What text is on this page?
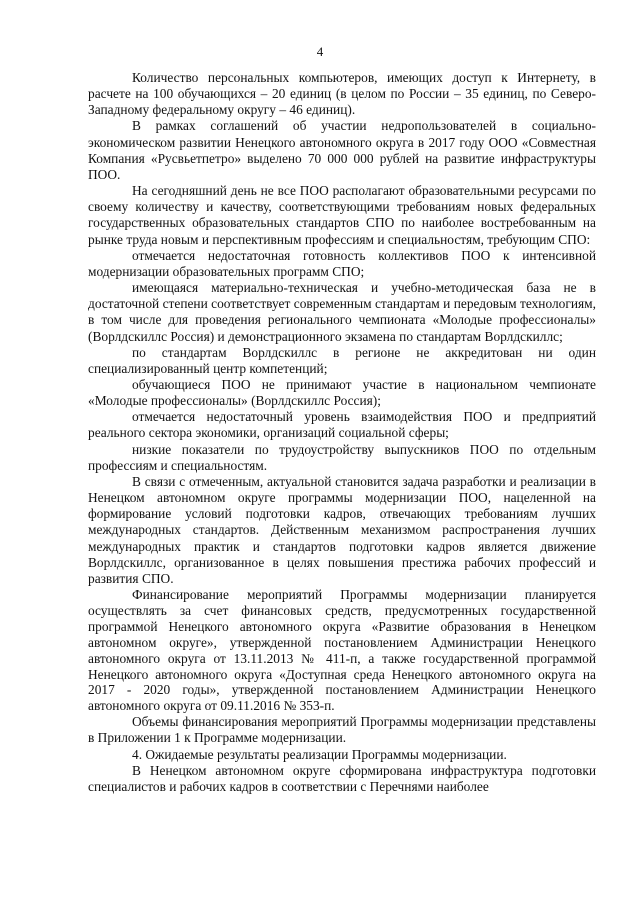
4

Количество персональных компьютеров, имеющих доступ к Интернету, в расчете на 100 обучающихся – 20 единиц (в целом по России – 35 единиц, по Северо-Западному федеральному округу – 46 единиц).

В рамках соглашений об участии недропользователей в социально-экономическом развитии Ненецкого автономного округа в 2017 году ООО «Совместная Компания «Русвьетпетро» выделено 70 000 000 рублей на развитие инфраструктуры ПОО.

На сегодняшний день не все ПОО располагают образовательными ресурсами по своему количеству и качеству, соответствующими требованиям новых федеральных государственных образовательных стандартов СПО по наиболее востребованным на рынке труда новым и перспективным профессиям и специальностям, требующим СПО:

отмечается недостаточная готовность коллективов ПОО к интенсивной модернизации образовательных программ СПО;

имеющаяся материально-техническая и учебно-методическая база не в достаточной степени соответствует современным стандартам и передовым технологиям, в том числе для проведения регионального чемпионата «Молодые профессионалы» (Ворлдскиллс Россия) и демонстрационного экзамена по стандартам Ворлдскиллс;

по стандартам Ворлдскиллс в регионе не аккредитован ни один специализированный центр компетенций;

обучающиеся ПОО не принимают участие в национальном чемпионате «Молодые профессионалы» (Ворлдскиллс Россия);

отмечается недостаточный уровень взаимодействия ПОО и предприятий реального сектора экономики, организаций социальной сферы;

низкие показатели по трудоустройству выпускников ПОО по отдельным профессиям и специальностям.

В связи с отмеченным, актуальной становится задача разработки и реализации в Ненецком автономном округе программы модернизации ПОО, нацеленной на формирование условий подготовки кадров, отвечающих требованиям лучших международных стандартов. Действенным механизмом распространения лучших международных практик и стандартов подготовки кадров является движение Ворлдскиллс, организованное в целях повышения престижа рабочих профессий и развития СПО.

Финансирование мероприятий Программы модернизации планируется осуществлять за счет финансовых средств, предусмотренных государственной программой Ненецкого автономного округа «Развитие образования в Ненецком автономном округе», утвержденной постановлением Администрации Ненецкого автономного округа от 13.11.2013 № 411-п, а также государственной программой Ненецкого автономного округа «Доступная среда Ненецкого автономного округа на 2017 - 2020 годы», утвержденной постановлением Администрации Ненецкого автономного округа от 09.11.2016 № 353-п.

Объемы финансирования мероприятий Программы модернизации представлены в Приложении 1 к Программе модернизации.

4. Ожидаемые результаты реализации Программы модернизации.

В Ненецком автономном округе сформирована инфраструктура подготовки специалистов и рабочих кадров в соответствии с Перечнями наиболее
